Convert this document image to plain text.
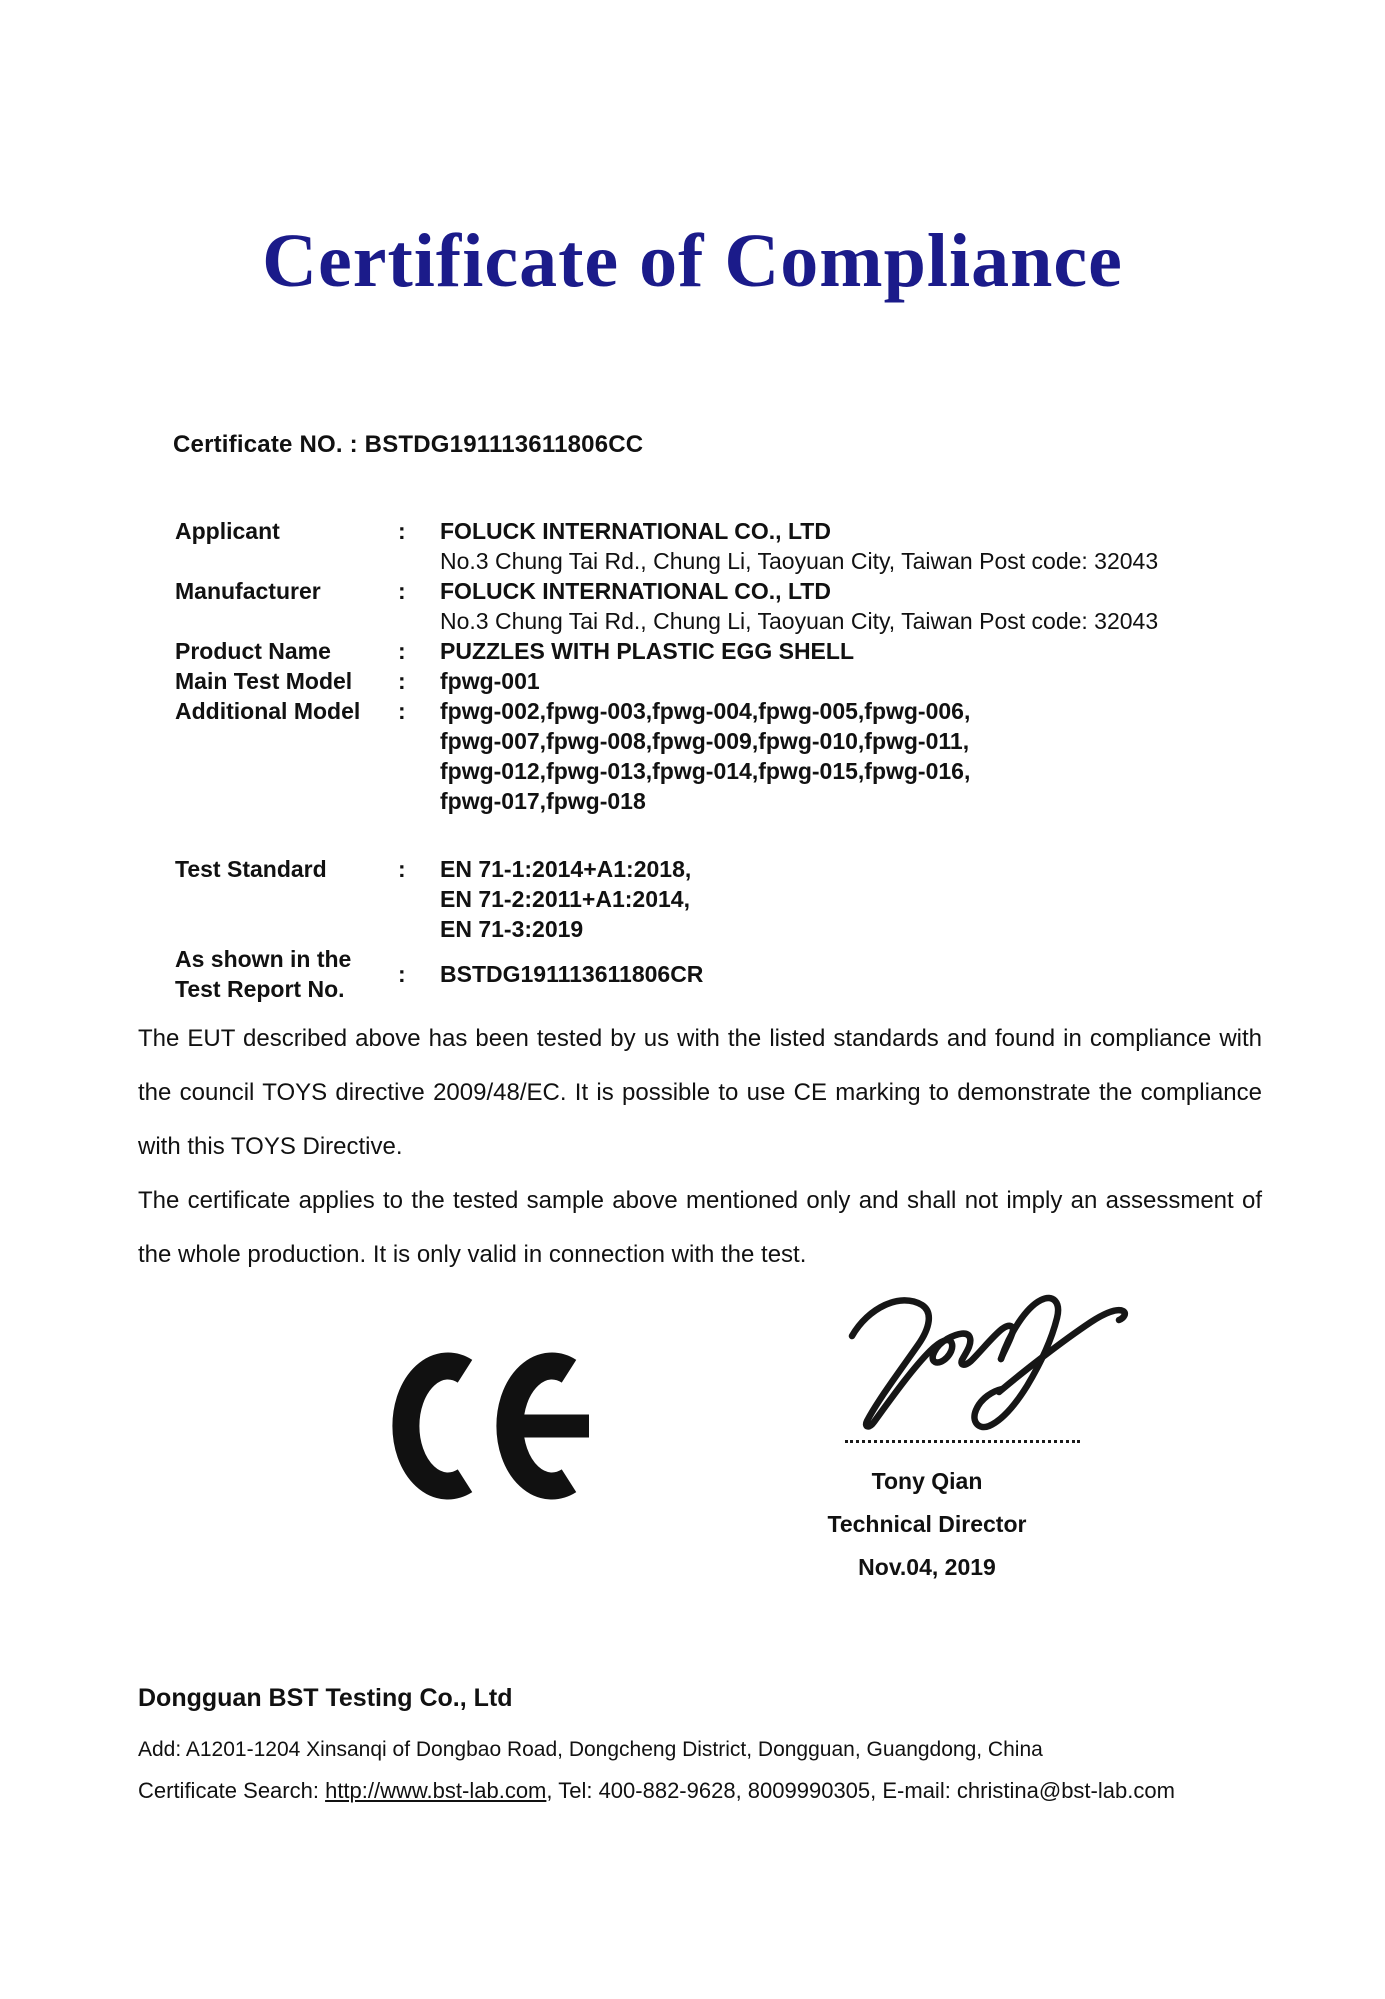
Certificate of Compliance
Certificate NO. : BSTDG191113611806CC
Applicant	:	FOLUCK INTERNATIONAL CO., LTD
No.3 Chung Tai Rd., Chung Li, Taoyuan City, Taiwan Post code: 32043
Manufacturer	:	FOLUCK INTERNATIONAL CO., LTD
No.3 Chung Tai Rd., Chung Li, Taoyuan City, Taiwan Post code: 32043
Product Name	:	PUZZLES WITH PLASTIC EGG SHELL
Main Test Model	:	fpwg-001
Additional Model	:	fpwg-002,fpwg-003,fpwg-004,fpwg-005,fpwg-006,
fpwg-007,fpwg-008,fpwg-009,fpwg-010,fpwg-011,
fpwg-012,fpwg-013,fpwg-014,fpwg-015,fpwg-016,
fpwg-017,fpwg-018
Test Standard	:	EN 71-1:2014+A1:2018,
EN 71-2:2011+A1:2014,
EN 71-3:2019
As shown in the
Test Report No.
:	BSTDG191113611806CR

The EUT described above has been tested by us with the listed standards and found in compliance with the council TOYS directive 2009/48/EC. It is possible to use CE marking to demonstrate the compliance with this TOYS Directive.

The certificate applies to the tested sample above mentioned only and shall not imply an assessment of the whole production. It is only valid in connection with the test.

Tony Qian
Technical Director
Nov.04, 2019
Dongguan BST Testing Co., Ltd
Add: A1201-1204 Xinsanqi of Dongbao Road, Dongcheng District, Dongguan, Guangdong, China
Certificate Search: http://www.bst-lab.com, Tel: 400-882-9628, 8009990305, E-mail: christina@bst-lab.com
